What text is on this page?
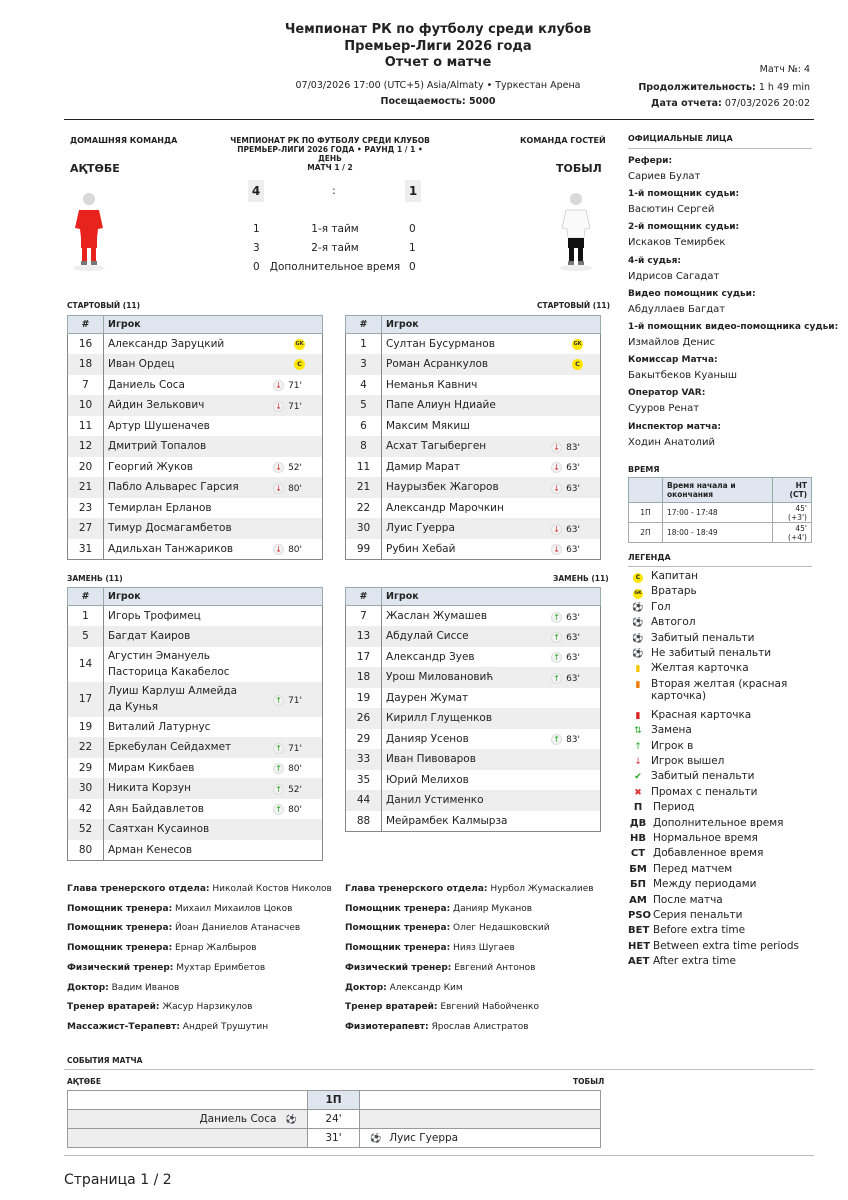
Чемпионат РК по футболу среди клубов
Премьер-Лиги 2026 года
Отчет о матче
07/03/2026 17:00 (UTC+5) Asia/Almaty • Туркестан Арена
Посещаемость: 5000
Матч №: 4
Продолжительность: 1 h 49 min
Дата отчета: 07/03/2026 20:02
ДОМАШНЯЯ КОМАНДА	КОМАНДА ГОСТЕЙ
ЧЕМПИОНАТ РК ПО ФУТБОЛУ СРЕДИ КЛУБОВ
ПРЕМЬЕР-ЛИГИ 2026 ГОДА • РАУНД 1 / 1 • ДЕНЬ
МАТЧ 1 / 2
АҚТӨБЕ	ТОБЫЛ
4	:	1
1	1-я тайм	0
3	2-я тайм	1
0 Дополнительное время 0
СТАРТОВЫЙ (11)	СТАРТОВЫЙ (11)
ЗАМЕНЬ (11)	ЗАМЕНЬ (11)
#	Игрок
16	Александр Заруцкий GK

18	Иван Ордец C

7	Даниель Соса ↓ 71'

10	Айдин Зелькович ↓ 71'

11	Артур Шушеначев
12	Дмитрий Топалов
20	Георгий Жуков ↓ 52'

21	Пабло Альварес Гарсия ↓ 80'

23	Темирлан Ерланов
27	Тимур Досмагамбетов
31	Адильхан Танжариков ↓ 80'
#	Игрок
1	Султан Бусурманов GK

3	Роман Асранкулов C

4	Неманья Кавнич
5	Папе Алиун Ндиайе
6	Максим Мякиш
8	Асхат Тагыберген ↓ 83'

11	Дамир Марат ↓ 63'

21	Наурызбек Жагоров ↓ 63'

22	Александр Марочкин
30	Луис Гуерра ↓ 63'

99	Рубин Хебай ↓ 63'
#	Игрок
1	Игорь Трофимец
5	Багдат Каиров
14	Агустин Эмануель
Пасторица Какабелос
17	Луиш Карлуш Алмейда
да Кунья
↑ 71'

19	Виталий Латурнус
22	Еркебулан Сейдахмет ↑ 71'

29	Мирам Кикбаев ↑ 80'

30	Никита Корзун ↑ 52'

42	Аян Байдавлетов ↑ 80'

52	Саятхан Кусаинов
80	Арман Кенесов
#	Игрок
7	Жаслан Жумашев ↑ 63'

13	Абдулай Сиссе ↑ 63'

17	Александр Зуев ↑ 63'

18	Урош Миловановић ↑ 63'

19	Даурен Жумат
26	Кирилл Глущенков
29	Данияр Усенов ↑ 83'

33	Иван Пивоваров
35	Юрий Мелихов
44	Данил Устименко
88	Мейрамбек Калмырза
ОФИЦИАЛЬНЫЕ ЛИЦА
Рефери:
Сариев Булат
1-й помощник судьи:
Васютин Сергей
2-й помощник судьи:
Искаков Темирбек
4-й судья:
Идрисов Сагадат
Видео помощник судьи:
Абдуллаев Багдат
1-й помощник видео-помощника судьи:
Измайлов Денис
Комиссар Матча:
Бакытбеков Куаныш
Оператор VAR:
Сууров Ренат
Инспектор матча:
Ходин Анатолий
ВРЕМЯ
	Время начала и окончания	НТ (СТ)
1П	17:00 - 17:48	45' (+3')
2П	18:00 - 18:49	45' (+4')
ЛЕГЕНДА
C Капитан
GK Вратарь
⚽ Гол
⚽ Автогол
⚽ Забитый пенальти
⚽ Не забитый пенальти
▮ Желтая карточка
▮ Вторая желтая (красная
карточка)
▮ Красная карточка
⇅ Замена
↑ Игрок в
↓ Игрок вышел
✔ Забитый пенальти
✖ Промах с пенальти
П Период
ДВ Дополнительное время
НВ Нормальное время
СТ Добавленное время
БМ Перед матчем
БП Между периодами
АМ После матча
PSO Серия пенальти
BET Before extra time
HET Between extra time periods
AET After extra time
Глава тренерского отдела: Николай Костов Николов
Помощник тренера: Михаил Михаилов Цоков
Помощник тренера: Йоан Даниелов Атанасчев
Помощник тренера: Ернар Жалбыров
Физический тренер: Мухтар Еримбетов
Доктор: Вадим Иванов
Тренер вратарей: Жасур Нарзикулов
Массажист-Терапевт: Андрей Трушутин
Глава тренерского отдела: Нурбол Жумаскалиев
Помощник тренера: Данияр Муканов
Помощник тренера: Олег Недашковский
Помощник тренера: Нияз Шугаев
Физический тренер: Евгений Антонов
Доктор: Александр Ким
Тренер вратарей: Евгений Набойченко
Физиотерапевт: Ярослав Алистратов
СОБЫТИЯ МАТЧА
АҚТӨБЕ	ТОБЫЛ
	1П	
Даниель Соса ⚽	24'	
	31'	⚽ Луис Гуерра
Страница 1 / 2
